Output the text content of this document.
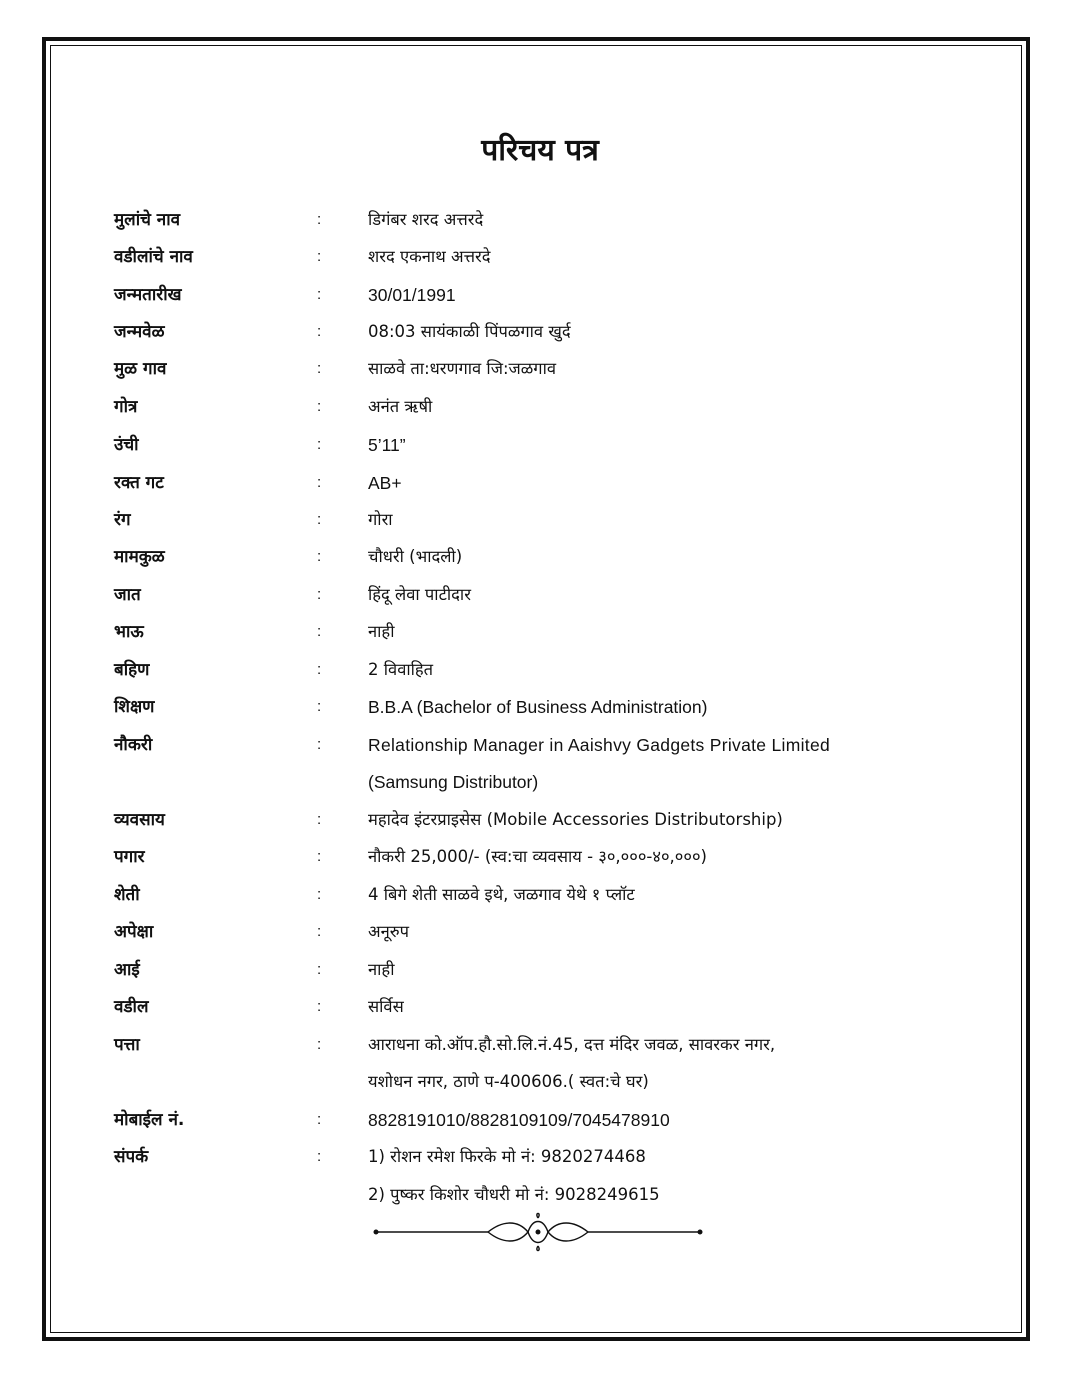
परिचय पत्र
मुलांचे नाव	:	डिगंबर शरद अत्तरदे
वडीलांचे नाव	:	शरद एकनाथ अत्तरदे
जन्मतारीख	:	30/01/1991
जन्मवेळ	:	08:03 सायंकाळी पिंपळगाव खुर्द
मुळ गाव	:	साळवे ता:धरणगाव जि:जळगाव
गोत्र	:	अनंत ऋषी
उंची	:	5’11”
रक्त गट	:	AB+
रंग	:	गोरा
मामकुळ	:	चौधरी (भादली)
जात	:	हिंदू लेवा पाटीदार
भाऊ	:	नाही
बहिण	:	2 विवाहित
शिक्षण	:	B.B.A (Bachelor of Business Administration)
नौकरी	:	Relationship Manager in Aaishvy Gadgets Private Limited
(Samsung Distributor)
व्यवसाय	:	महादेव इंटरप्राइसेस (Mobile Accessories Distributorship)
पगार	:	नौकरी 25,000/- (स्व:चा व्यवसाय - ३०,०००-४०,०००)
शेती	:	4 बिगे शेती साळवे इथे, जळगाव येथे १ प्लॉट
अपेक्षा	:	अनूरुप
आई	:	नाही
वडील	:	सर्विस
पत्ता	:	आराधना को.ऑप.हौ.सो.लि.नं.45, दत्त मंदिर जवळ, सावरकर नगर,
यशोधन नगर, ठाणे प-400606.( स्वत:चे घर)
मोबाईल नं.	:	8828191010/8828109109/7045478910
संपर्क	:	1) रोशन रमेश फिरके मो नं: 9820274468
2) पुष्कर किशोर चौधरी मो नं: 9028249615
